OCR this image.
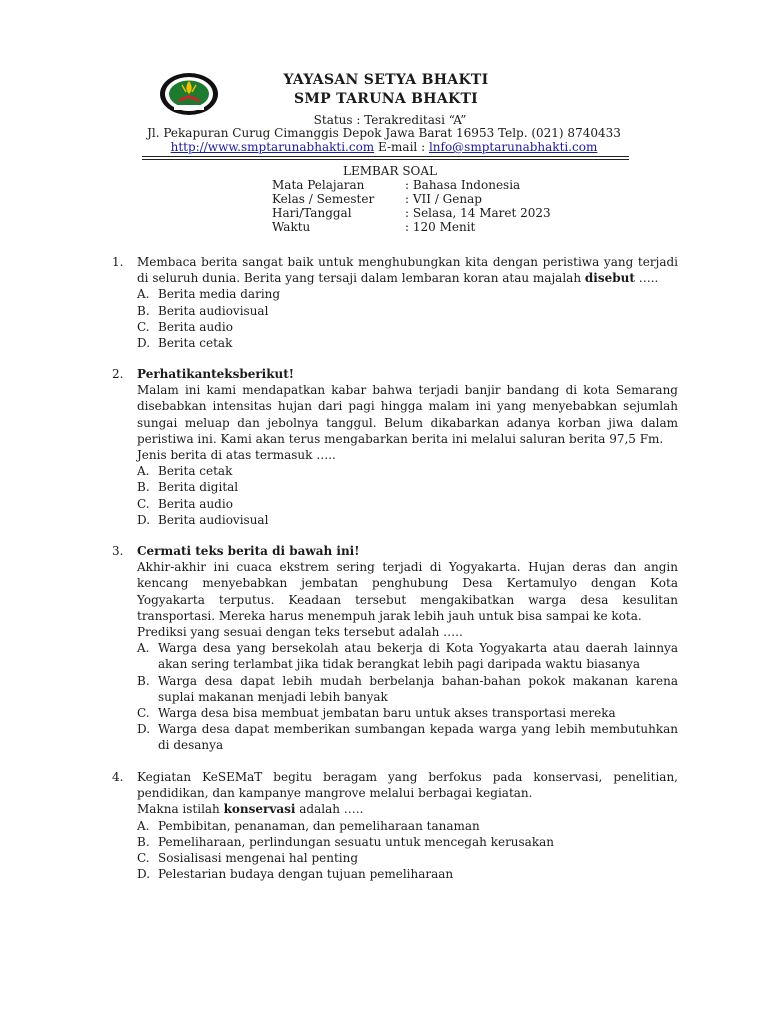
YAYASAN SETYA BHAKTI
SMP TARUNA BHAKTI
Status : Terakreditasi “A”
Jl. Pekapuran Curug Cimanggis Depok Jawa Barat 16953 Telp. (021) 8740433
http://www.smptarunabhakti.com E-mail : lnfo@smptarunabhakti.com
LEMBAR SOAL
Mata Pelajaran	: Bahasa Indonesia
Kelas / Semester	: VII / Genap
Hari/Tanggal	: Selasa, 14 Maret 2023
Waktu	: 120 Menit
1.	Membaca berita sangat baik untuk menghubungkan kita dengan peristiwa yang terjadi di seluruh dunia. Berita yang tersaji dalam lembaran koran atau majalah disebut …..
A. Berita media daring
B. Berita audiovisual
C. Berita audio
D. Berita cetak
2.	Perhatikanteksberikut!
Malam ini kami mendapatkan kabar bahwa terjadi banjir bandang di kota Semarang disebabkan intensitas hujan dari pagi hingga malam ini yang menyebabkan sejumlah sungai meluap dan jebolnya tanggul. Belum dikabarkan adanya korban jiwa dalam peristiwa ini. Kami akan terus mengabarkan berita ini melalui saluran berita 97,5 Fm.
Jenis berita di atas termasuk …..
A. Berita cetak
B. Berita digital
C. Berita audio
D. Berita audiovisual
3.	Cermati teks berita di bawah ini!
Akhir-akhir ini cuaca ekstrem sering terjadi di Yogyakarta. Hujan deras dan angin kencang menyebabkan jembatan penghubung Desa Kertamulyo dengan Kota Yogyakarta terputus. Keadaan tersebut mengakibatkan warga desa kesulitan transportasi. Mereka harus menempuh jarak lebih jauh untuk bisa sampai ke kota.
Prediksi yang sesuai dengan teks tersebut adalah …..
A. Warga desa yang bersekolah atau bekerja di Kota Yogyakarta atau daerah lainnya akan sering terlambat jika tidak berangkat lebih pagi daripada waktu biasanya
B. Warga desa dapat lebih mudah berbelanja bahan-bahan pokok makanan karena suplai makanan menjadi lebih banyak
C. Warga desa bisa membuat jembatan baru untuk akses transportasi mereka
D. Warga desa dapat memberikan sumbangan kepada warga yang lebih membutuhkan di desanya
4.	Kegiatan KeSEMaT begitu beragam yang berfokus pada konservasi, penelitian, pendidikan, dan kampanye mangrove melalui berbagai kegiatan.
Makna istilah konservasi adalah …..
A. Pembibitan, penanaman, dan pemeliharaan tanaman
B. Pemeliharaan, perlindungan sesuatu untuk mencegah kerusakan
C. Sosialisasi mengenai hal penting
D. Pelestarian budaya dengan tujuan pemeliharaan
